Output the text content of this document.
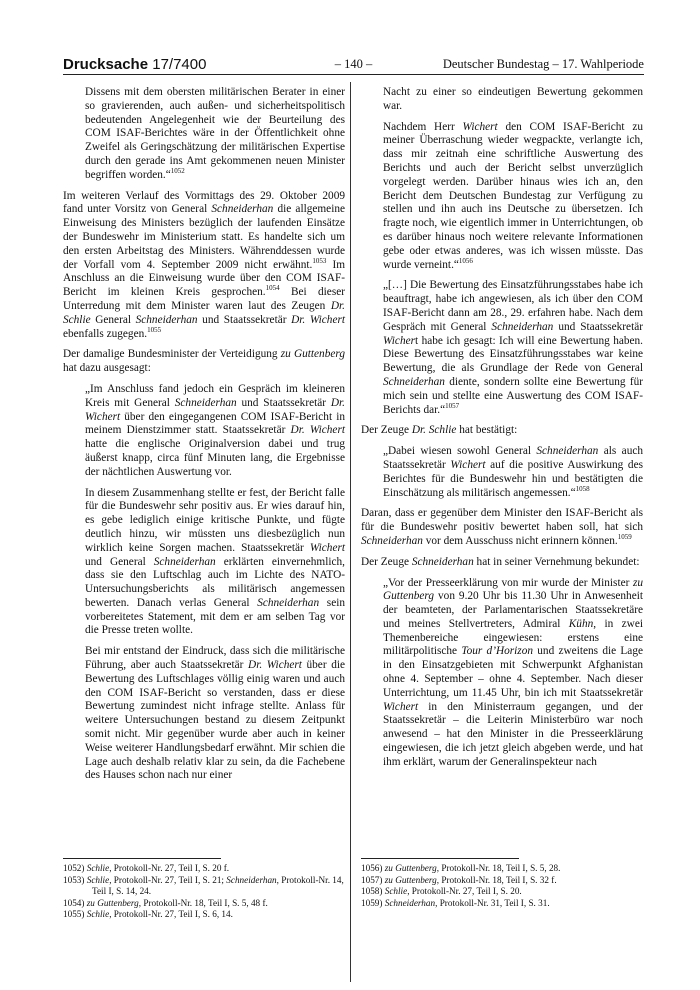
Drucksache 17/7400	– 140 –	Deutscher Bundestag – 17. Wahlperiode

Dissens mit dem obersten militärischen Berater in einer so gravierenden, auch außen- und sicherheitspolitisch bedeutenden Angelegenheit wie der Beurteilung des COM ISAF-Berichtes wäre in der Öffentlichkeit ohne Zweifel als Geringschätzung der militärischen Expertise durch den gerade ins Amt gekommenen neuen Minister begriffen worden.“$^{1052}$

Im weiteren Verlauf des Vormittags des 29. Oktober 2009 fand unter Vorsitz von General Schneiderhan die allgemeine Einweisung des Ministers bezüglich der laufenden Einsätze der Bundeswehr im Ministerium statt. Es handelte sich um den ersten Arbeitstag des Ministers. Währenddessen wurde der Vorfall vom 4. September 2009 nicht erwähnt.$^{1053}$ Im Anschluss an die Einweisung wurde über den COM ISAF-Bericht im kleinen Kreis gesprochen.$^{1054}$ Bei dieser Unterredung mit dem Minister waren laut des Zeugen Dr. Schlie General Schneiderhan und Staatssekretär Dr. Wichert ebenfalls zugegen.$^{1055}$

Der damalige Bundesminister der Verteidigung zu Guttenberg hat dazu ausgesagt:

„Im Anschluss fand jedoch ein Gespräch im kleineren Kreis mit General Schneiderhan und Staatssekretär Dr. Wichert über den eingegangenen COM ISAF-Bericht in meinem Dienstzimmer statt. Staatssekretär Dr. Wichert hatte die englische Originalversion dabei und trug äußerst knapp, circa fünf Minuten lang, die Ergebnisse der nächtlichen Auswertung vor.

In diesem Zusammenhang stellte er fest, der Bericht falle für die Bundeswehr sehr positiv aus. Er wies darauf hin, es gebe lediglich einige kritische Punkte, und fügte deutlich hinzu, wir müssten uns diesbezüglich nun wirklich keine Sorgen machen. Staatssekretär Wichert und General Schneiderhan erklärten einvernehmlich, dass sie den Luftschlag auch im Lichte des NATO-Untersuchungsberichts als militärisch angemessen bewerten. Danach verlas General Schneiderhan sein vorbereitetes Statement, mit dem er am selben Tag vor die Presse treten wollte.

Bei mir entstand der Eindruck, dass sich die militärische Führung, aber auch Staatssekretär Dr. Wichert über die Bewertung des Luftschlages völlig einig waren und auch den COM ISAF-Bericht so verstanden, dass er diese Bewertung zumindest nicht infrage stellte. Anlass für weitere Untersuchungen bestand zu diesem Zeitpunkt somit nicht. Mir gegenüber wurde aber auch in keiner Weise weiterer Handlungsbedarf erwähnt. Mir schien die Lage auch deshalb relativ klar zu sein, da die Fachebene des Hauses schon nach nur einer

Nacht zu einer so eindeutigen Bewertung gekommen war.

Nachdem Herr Wichert den COM ISAF-Bericht zu meiner Überraschung wieder wegpackte, verlangte ich, dass mir zeitnah eine schriftliche Auswertung des Berichts und auch der Bericht selbst unverzüglich vorgelegt werden. Darüber hinaus wies ich an, den Bericht dem Deutschen Bundestag zur Verfügung zu stellen und ihn auch ins Deutsche zu übersetzen. Ich fragte noch, wie eigentlich immer in Unterrichtungen, ob es darüber hinaus noch weitere relevante Informationen gebe oder etwas anderes, was ich wissen müsste. Das wurde verneint.“$^{1056}$

„[…] Die Bewertung des Einsatzführungsstabes habe ich beauftragt, habe ich angewiesen, als ich über den COM ISAF-Bericht dann am 28., 29. erfahren habe. Nach dem Gespräch mit General Schneiderhan und Staatssekretär Wichert habe ich gesagt: Ich will eine Bewertung haben. Diese Bewertung des Einsatzführungsstabes war keine Bewertung, die als Grundlage der Rede von General Schneiderhan diente, sondern sollte eine Bewertung für mich sein und stellte eine Auswertung des COM ISAF-Berichts dar.“$^{1057}$

Der Zeuge Dr. Schlie hat bestätigt:

„Dabei wiesen sowohl General Schneiderhan als auch Staatssekretär Wichert auf die positive Auswirkung des Berichtes für die Bundeswehr hin und bestätigten die Einschätzung als militärisch angemessen.“$^{1058}$

Daran, dass er gegenüber dem Minister den ISAF-Bericht als für die Bundeswehr positiv bewertet haben soll, hat sich Schneiderhan vor dem Ausschuss nicht erinnern können.$^{1059}$

Der Zeuge Schneiderhan hat in seiner Vernehmung bekundet:

„Vor der Presseerklärung von mir wurde der Minister zu Guttenberg von 9.20 Uhr bis 11.30 Uhr in Anwesenheit der beamteten, der Parlamentarischen Staatssekretäre und meines Stellvertreters, Admiral Kühn, in zwei Themenbereiche eingewiesen: erstens eine militärpolitische Tour d’Horizon und zweitens die Lage in den Einsatzgebieten mit Schwerpunkt Afghanistan ohne 4. September – ohne 4. September. Nach dieser Unterrichtung, um 11.45 Uhr, bin ich mit Staatssekretär Wichert in den Ministerraum gegangen, und der Staatssekretär – die Leiterin Ministerbüro war noch anwesend – hat den Minister in die Presseerklärung eingewiesen, die ich jetzt gleich abgeben werde, und hat ihm erklärt, warum der Generalinspekteur nach

1052) Schlie, Protokoll-Nr. 27, Teil I, S. 20 f.
1053) Schlie, Protokoll-Nr. 27, Teil I, S. 21; Schneiderhan, Protokoll-Nr. 14, Teil I, S. 14, 24.
1054) zu Guttenberg, Protokoll-Nr. 18, Teil I, S. 5, 48 f.
1055) Schlie, Protokoll-Nr. 27, Teil I, S. 6, 14.
1056) zu Guttenberg, Protokoll-Nr. 18, Teil I, S. 5, 28.
1057) zu Guttenberg, Protokoll-Nr. 18, Teil I, S. 32 f.
1058) Schlie, Protokoll-Nr. 27, Teil I, S. 20.
1059) Schneiderhan, Protokoll-Nr. 31, Teil I, S. 31.
